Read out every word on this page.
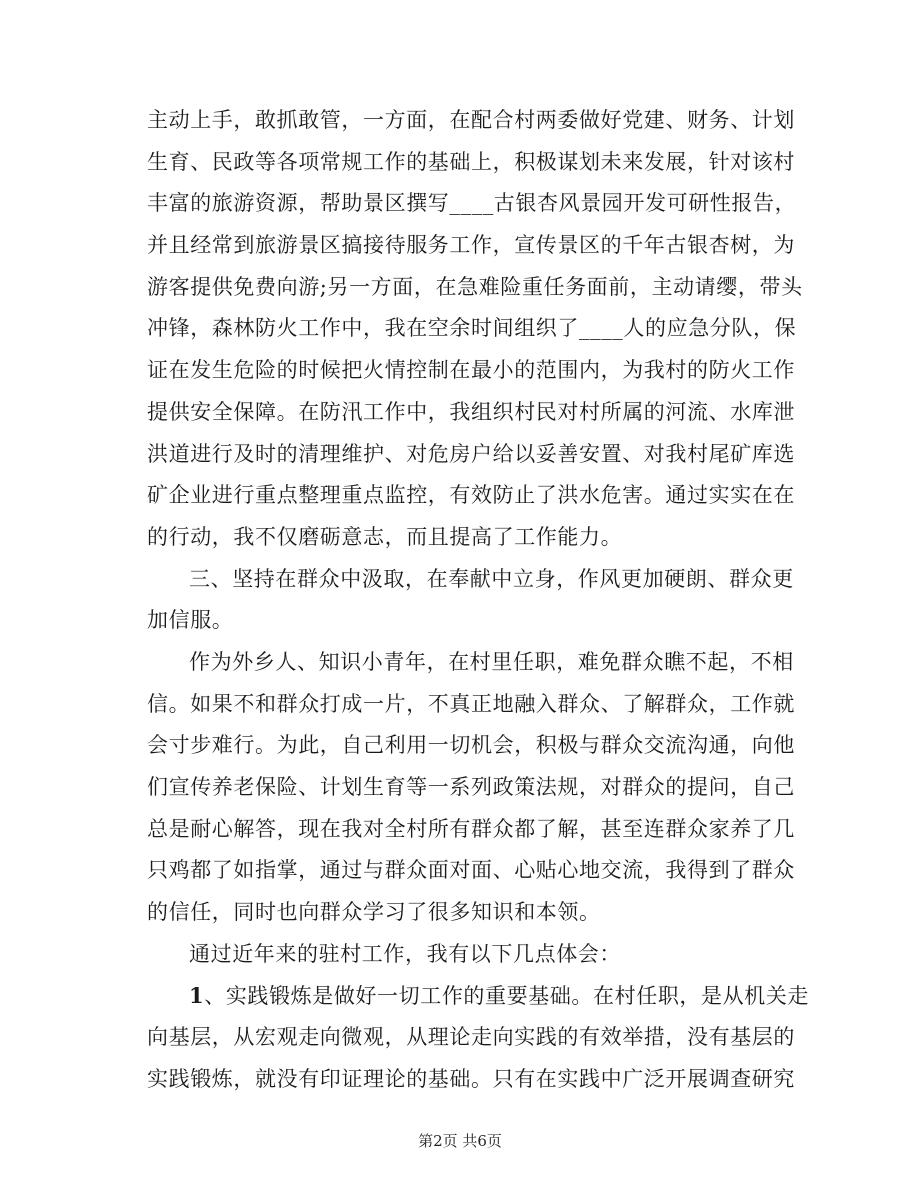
主动上手，敢抓敢管，一方面，在配合村两委做好党建、财务、计划
生育、民政等各项常规工作的基础上，积极谋划未来发展，针对该村
丰富的旅游资源，帮助景区撰写____古银杏风景园开发可研性报告，
并且经常到旅游景区搞接待服务工作，宣传景区的千年古银杏树，为
游客提供免费向游;另一方面，在急难险重任务面前，主动请缨，带头
冲锋，森林防火工作中，我在空余时间组织了____人的应急分队，保
证在发生危险的时候把火情控制在最小的范围内，为我村的防火工作
提供安全保障。在防汛工作中，我组织村民对村所属的河流、水库泄
洪道进行及时的清理维护、对危房户给以妥善安置、对我村尾矿库选
矿企业进行重点整理重点监控，有效防止了洪水危害。通过实实在在
的行动，我不仅磨砺意志，而且提高了工作能力。
三、坚持在群众中汲取，在奉献中立身，作风更加硬朗、群众更
加信服。
作为外乡人、知识小青年，在村里任职，难免群众瞧不起，不相
信。如果不和群众打成一片，不真正地融入群众、了解群众，工作就
会寸步难行。为此，自己利用一切机会，积极与群众交流沟通，向他
们宣传养老保险、计划生育等一系列政策法规，对群众的提问，自己
总是耐心解答，现在我对全村所有群众都了解，甚至连群众家养了几
只鸡都了如指掌，通过与群众面对面、心贴心地交流，我得到了群众
的信任，同时也向群众学习了很多知识和本领。
通过近年来的驻村工作，我有以下几点体会：
1、实践锻炼是做好一切工作的重要基础。在村任职，是从机关走
向基层，从宏观走向微观，从理论走向实践的有效举措，没有基层的
实践锻炼，就没有印证理论的基础。只有在实践中广泛开展调查研究
第2页 共6页
